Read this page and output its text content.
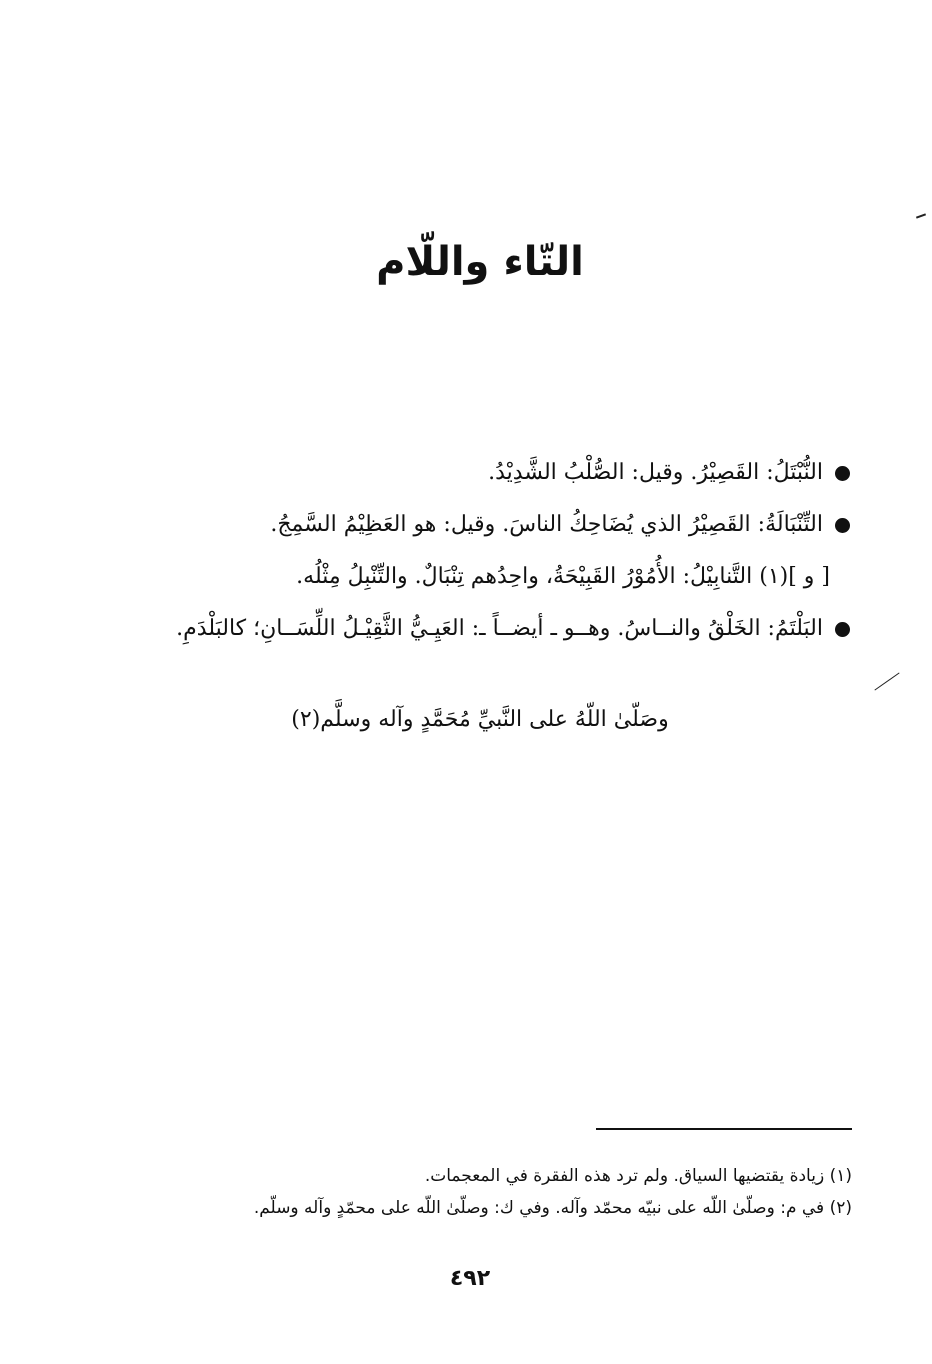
التّاء واللّام
النُّبْتَلُ: القَصِيْرُ. وقيل: الصُّلْبُ الشَّدِيْدُ.
التِّنْبَالَةُ: القَصِيْرُ الذي يُضَاحِكُ الناسَ. وقيل: هو العَظِيْمُ السَّمِجُ.
[ و ](١) التَّنابِيْلُ: الأُمُوْرُ القَبِيْحَةُ، واحِدُهم تِنْبَالٌ. والتِّنْبِلُ مِثْلُه.
البَلْتَمُ: الخَلْقُ والنــاسُ. وهــو ـ أيضــاً ـ: العَيِـيُّ الثَّقِيْـلُ اللِّسَــانِ؛ كالبَلْدَمِ.
وصَلّىٰ اللّهُ على النَّبيِّ مُحَمَّدٍ وآله وسلَّم(٢)
(١) زيادة يقتضيها السياق. ولم ترد هذه الفقرة في المعجمات.
(٢) في م: وصلّىٰ اللّه على نبيّه محمّد وآله. وفي ك: وصلّىٰ اللّه على محمّدٍ وآله وسلّم.
٤٩٢
